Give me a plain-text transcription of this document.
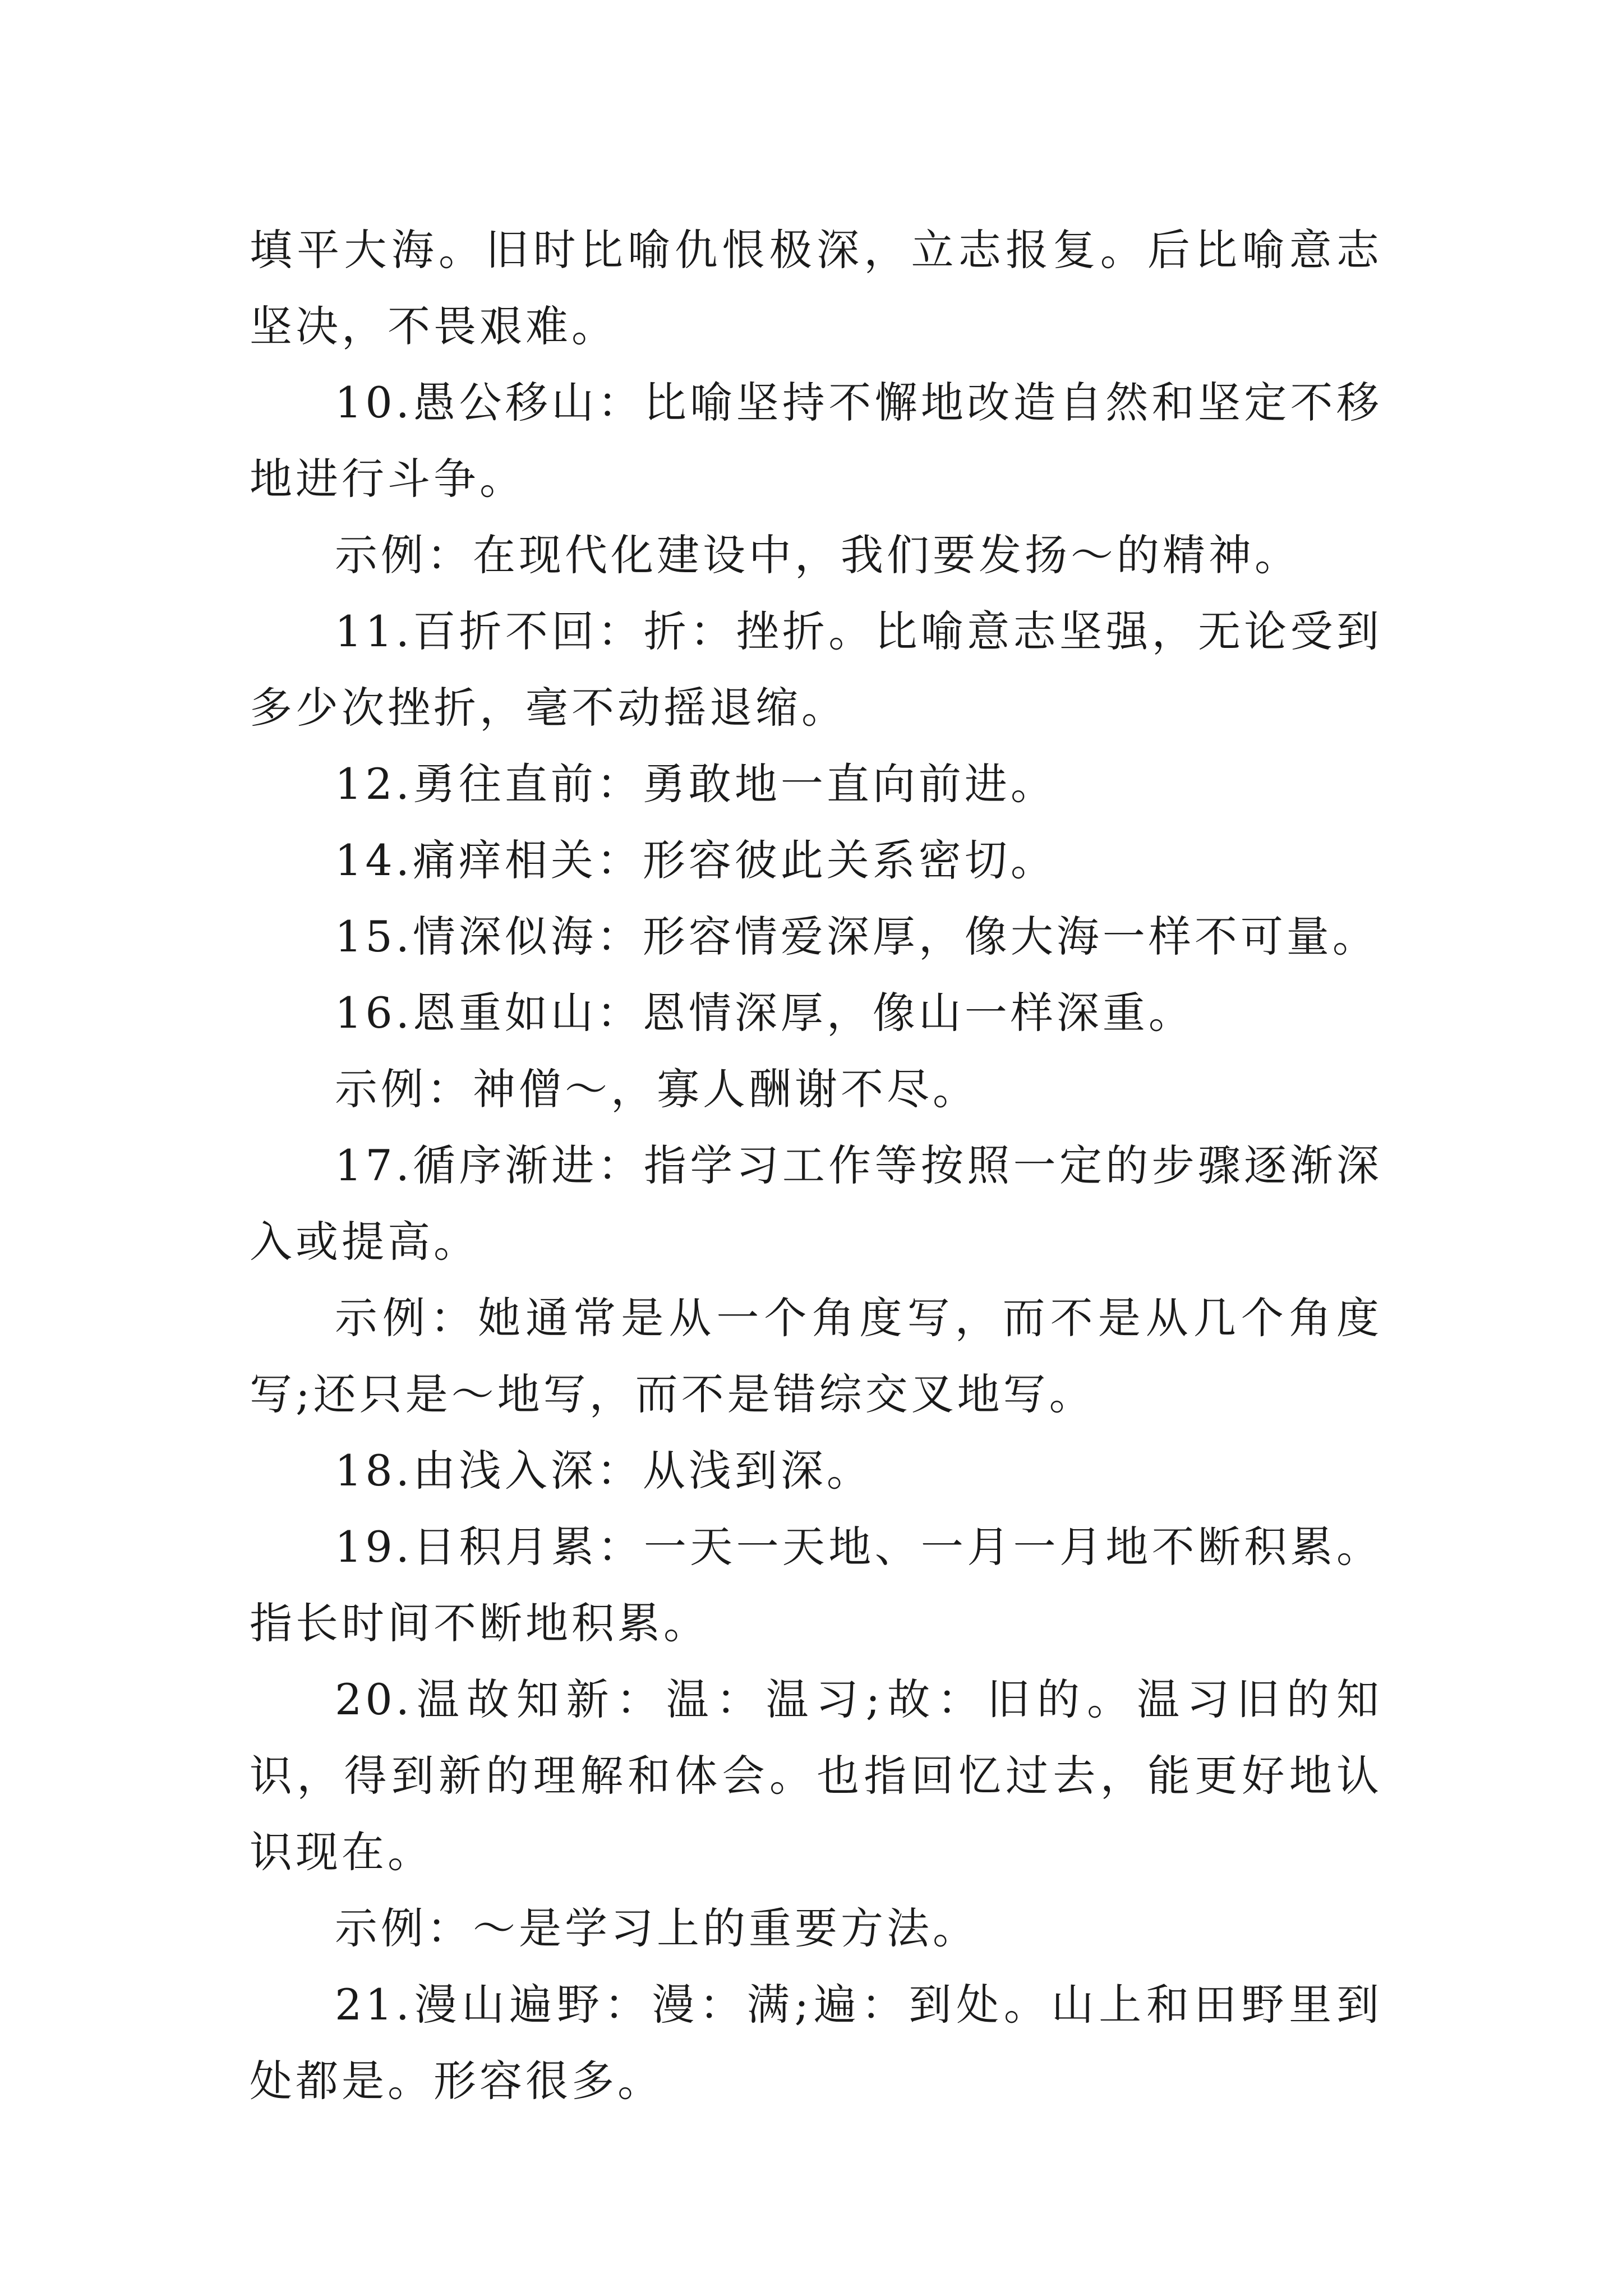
填平大海。旧时比喻仇恨极深，立志报复。后比喻意志坚决，不畏艰难。

10.愚公移山：比喻坚持不懈地改造自然和坚定不移地进行斗争。

示例：在现代化建设中，我们要发扬～的精神。

11.百折不回：折：挫折。比喻意志坚强，无论受到多少次挫折，毫不动摇退缩。

12.勇往直前：勇敢地一直向前进。

14.痛痒相关：形容彼此关系密切。

15.情深似海：形容情爱深厚，像大海一样不可量。

16.恩重如山：恩情深厚，像山一样深重。

示例：神僧～，寡人酬谢不尽。

17.循序渐进：指学习工作等按照一定的步骤逐渐深入或提高。

示例：她通常是从一个角度写，而不是从几个角度写;还只是～地写，而不是错综交叉地写。

18.由浅入深：从浅到深。

19.日积月累：一天一天地、一月一月地不断积累。指长时间不断地积累。

20.温故知新：温：温习;故：旧的。温习旧的知识，得到新的理解和体会。也指回忆过去，能更好地认识现在。

示例：～是学习上的重要方法。

21.漫山遍野：漫：满;遍：到处。山上和田野里到处都是。形容很多。
